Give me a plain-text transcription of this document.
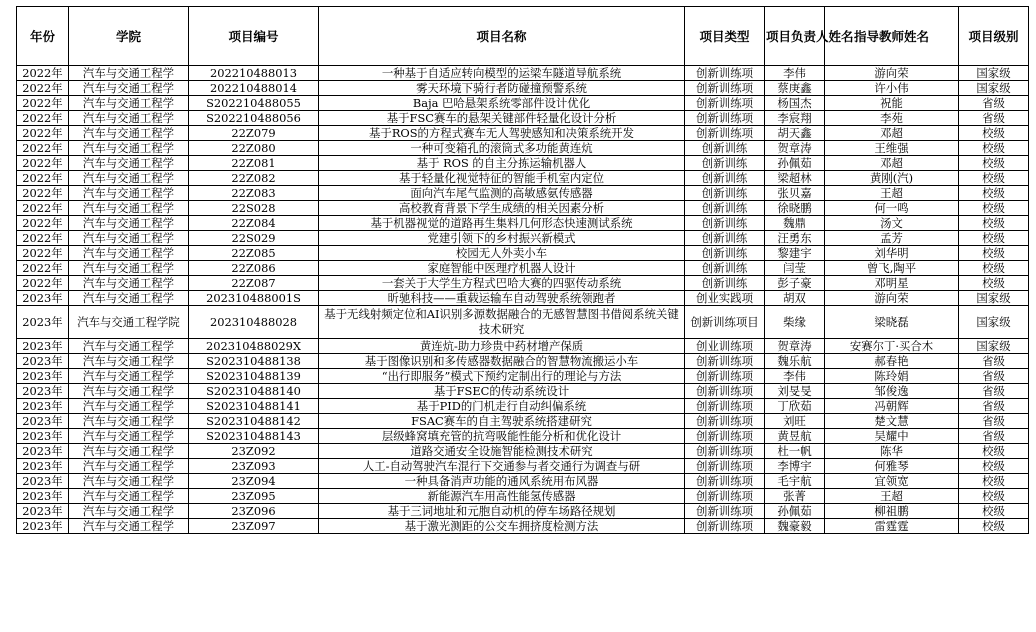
年份	学院	项目编号	项目名称	项目类型	项目负责人姓名	指导教师姓名	项目级别
2022年	汽车与交通工程学	202210488013	一种基于自适应转向模型的运梁车隧道导航系统	创新训练项	李伟	游向荣	国家级
2022年	汽车与交通工程学	202210488014	雾天环境下骑行者防碰撞预警系统	创新训练项	蔡庚鑫	许小伟	国家级
2022年	汽车与交通工程学	S202210488055	Baja 巴哈悬架系统零部件设计优化	创新训练项	杨国杰	祝能	省级
2022年	汽车与交通工程学	S202210488056	基于FSC赛车的悬架关键部件轻量化设计分析	创新训练项	李宸翔	李苑	省级
2022年	汽车与交通工程学	22Z079	基于ROS的方程式赛车无人驾驶感知和决策系统开发	创新训练项	胡天鑫	邓超	校级
2022年	汽车与交通工程学	22Z080	一种可变箱孔的滚筒式多功能黄连炕	创新训练	贺章涛	王维强	校级
2022年	汽车与交通工程学	22Z081	基于 ROS 的自主分拣运输机器人	创新训练	孙佩茹	邓超	校级
2022年	汽车与交通工程学	22Z082	基于轻量化视觉特征的智能手机室内定位	创新训练	梁超林	黄刚(汽)	校级
2022年	汽车与交通工程学	22Z083	面向汽车尾气监测的高敏感氨传感器	创新训练	张贝嘉	王超	校级
2022年	汽车与交通工程学	22S028	高校教育背景下学生成绩的相关因素分析	创新训练	徐晓鹏	何一鸣	校级
2022年	汽车与交通工程学	22Z084	基于机器视觉的道路再生集料几何形态快速测试系统	创新训练	魏鼎	汤文	校级
2022年	汽车与交通工程学	22S029	党建引领下的乡村振兴新模式	创新训练	汪勇东	孟芳	校级
2022年	汽车与交通工程学	22Z085	校园无人外卖小车	创新训练	黎建宇	刘华明	校级
2022年	汽车与交通工程学	22Z086	家庭智能中医理疗机器人设计	创新训练	闫莹	曾飞,陶平	校级
2022年	汽车与交通工程学	22Z087	一套关于大学生方程式巴哈大赛的四驱传动系统	创新训练	彭子豪	邓明星	校级
2023年	汽车与交通工程学	202310488001S	昕驰科技——重载运输车自动驾驶系统领跑者	创业实践项	胡双	游向荣	国家级
2023年	汽车与交通工程学院	202310488028	基于无线射频定位和AI识别多源数据融合的无感智慧图书借阅系统关键技术研究	创新训练项目	柴缘	梁晓磊	国家级
2023年	汽车与交通工程学	202310488029X	黄连炕-助力珍贵中药材增产保质	创业训练项	贺章涛	安赛尔丁·买合木	国家级
2023年	汽车与交通工程学	S202310488138	基于图像识别和多传感器数据融合的智慧物流搬运小车	创新训练项	魏乐航	郝春艳	省级
2023年	汽车与交通工程学	S202310488139	“出行即服务”模式下预约定制出行的理论与方法	创新训练项	李伟	陈玲娟	省级
2023年	汽车与交通工程学	S202310488140	基于FSEC的传动系统设计	创新训练项	刘旻旻	邹俊逸	省级
2023年	汽车与交通工程学	S202310488141	基于PID的门机走行自动纠偏系统	创新训练项	丁欣茹	冯朝辉	省级
2023年	汽车与交通工程学	S202310488142	FSAC赛车的自主驾驶系统搭建研究	创新训练项	刘旺	楚文慧	省级
2023年	汽车与交通工程学	S202310488143	层级蜂窝填充管的抗弯吸能性能分析和优化设计	创新训练项	黄昱航	吴耀中	省级
2023年	汽车与交通工程学	23Z092	道路交通安全设施智能检测技术研究	创新训练项	杜一帆	陈华	校级
2023年	汽车与交通工程学	23Z093	人工-自动驾驶汽车混行下交通参与者交通行为调查与研	创新训练项	李博宇	何雅琴	校级
2023年	汽车与交通工程学	23Z094	一种具备消声功能的通风系统用布风器	创新训练项	毛宇航	宜领宽	校级
2023年	汽车与交通工程学	23Z095	新能源汽车用高性能氢传感器	创新训练项	张菁	王超	校级
2023年	汽车与交通工程学	23Z096	基于三词地址和元胞自动机的停车场路径规划	创新训练项	孙佩茹	柳祖鹏	校级
2023年	汽车与交通工程学	23Z097	基于激光测距的公交车拥挤度检测方法	创新训练项	魏豪毅	雷霆霆	校级
